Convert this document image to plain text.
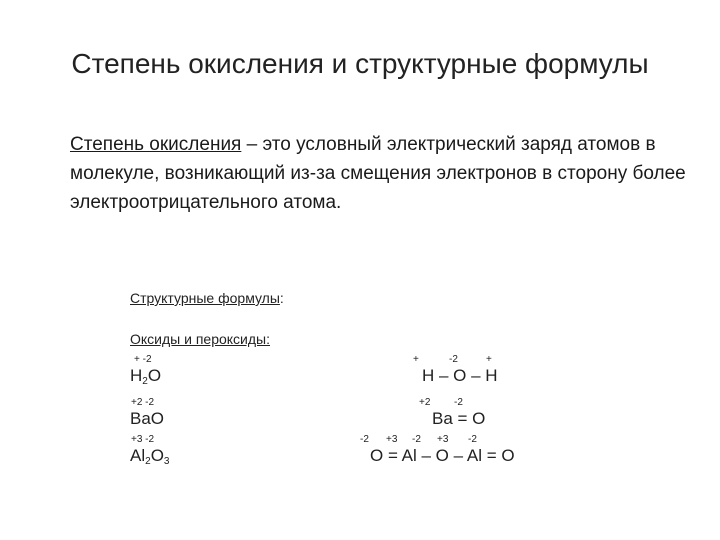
Степень окисления и структурные формулы
Степень окисления – это условный электрический заряд атомов в молекуле, возникающий из-за смещения электронов в сторону более электроотрицательного атома.
Структурные формулы:
Оксиды и пероксиды:
+ -2
$H_2O$
+	-2	+
H – O – H
+2 -2
BaO
+2 -2
Ba = O
+3 -2
$Al_2O_3$
-2 +3 -2 +3 -2
O = Al – O – Al = O
